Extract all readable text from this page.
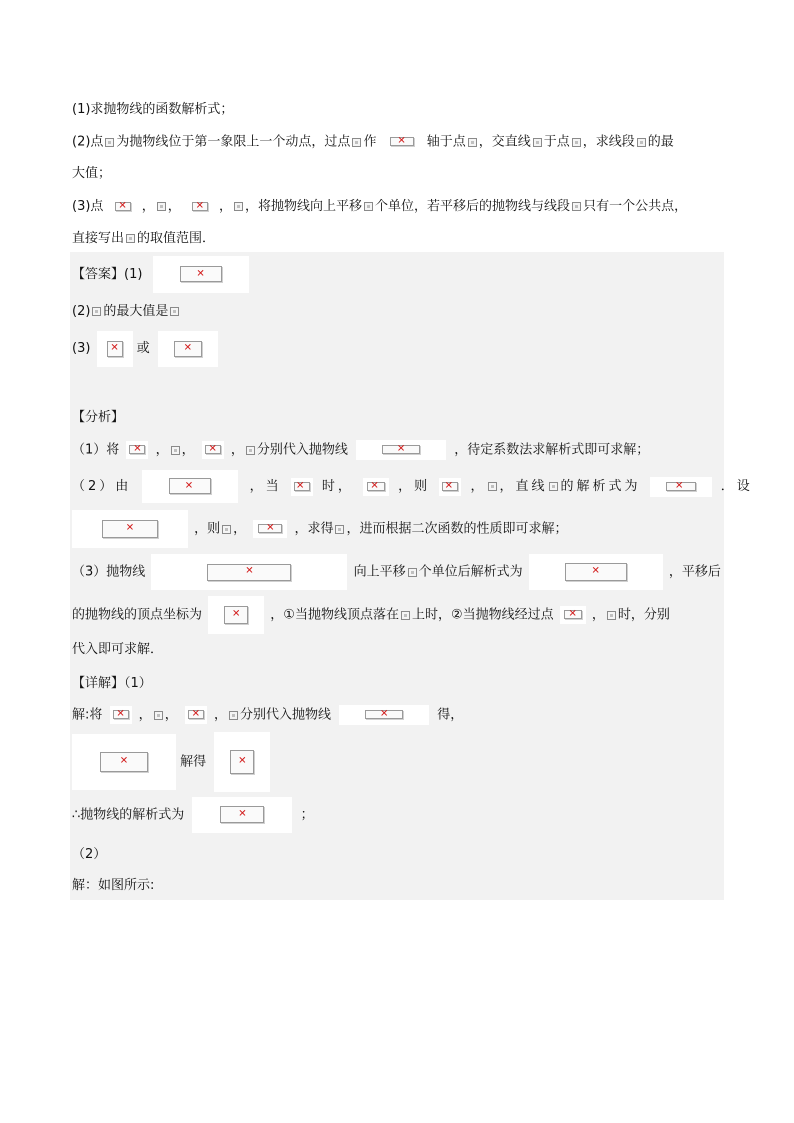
(1)求抛物线的函数解析式；
(2)点 为抛物线位于第一象限上一个动点，过点 作	✕	轴于点 ，交直线 于点 ，求线段 的最
大值；
(3)点	✕	， ，	✕	， ，将抛物线向上平移 个单位，若平移后的抛物线与线段 只有一个公共点，
直接写出 的取值范围．
【答案】(1)	✕
(2) 的最大值是
(3)	✕	或	✕
【分析】
（1）将	✕	， ，	✕	， 分别代入抛物线	✕	，待定系数法求解析式即可求解；
（2）由	✕	，当	✕	时，	✕	，则	✕	， ，直线 的解析式为	✕	．设
✕	，则 ，	✕	，求得 ，进而根据二次函数的性质即可求解；
（3）抛物线	✕	向上平移 个单位后解析式为	✕	，平移后
的抛物线的顶点坐标为	✕	，①当抛物线顶点落在 上时，②当抛物线经过点	✕	， 时，分别
代入即可求解．
【详解】（1）
解:将	✕	， ，	✕	， 分别代入抛物线	✕	得，
✕	解得	✕
∴抛物线的解析式为	✕	；
（2）
解：如图所示:
